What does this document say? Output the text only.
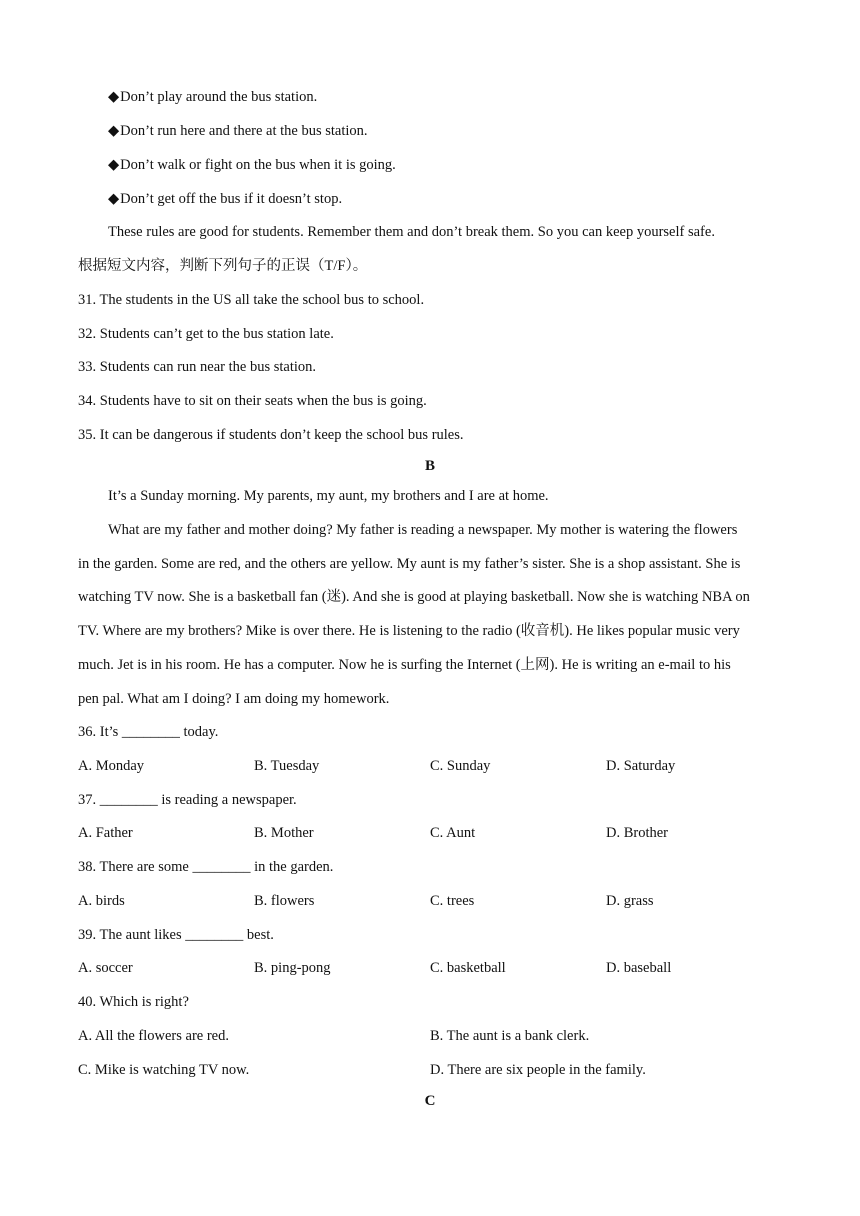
◆Don’t play around the bus station.
◆Don’t run here and there at the bus station.
◆Don’t walk or fight on the bus when it is going.
◆Don’t get off the bus if it doesn’t stop.
These rules are good for students. Remember them and don’t break them. So you can keep yourself safe.
根据短文内容，判断下列句子的正误（T/F）。
31. The students in the US all take the school bus to school.
32. Students can’t get to the bus station late.
33. Students can run near the bus station.
34. Students have to sit on their seats when the bus is going.
35. It can be dangerous if students don’t keep the school bus rules.
B
It’s a Sunday morning. My parents, my aunt, my brothers and I are at home.
What are my father and mother doing? My father is reading a newspaper. My mother is watering the flowers
in the garden. Some are red, and the others are yellow. My aunt is my father’s sister. She is a shop assistant. She is
watching TV now. She is a basketball fan (迷). And she is good at playing basketball. Now she is watching NBA on
TV. Where are my brothers? Mike is over there. He is listening to the radio (收音机). He likes popular music very
much. Jet is in his room. He has a computer. Now he is surfing the Internet (上网). He is writing an e-mail to his
pen pal. What am I doing? I am doing my homework.
36. It’s ________ today.
A. Monday	B. Tuesday	C. Sunday	D. Saturday
37. ________ is reading a newspaper.
A. Father	B. Mother	C. Aunt	D. Brother
38. There are some ________ in the garden.
A. birds	B. flowers	C. trees	D. grass
39. The aunt likes ________ best.
A. soccer	B. ping-pong	C. basketball	D. baseball
40. Which is right?
A. All the flowers are red.	B. The aunt is a bank clerk.
C. Mike is watching TV now.	D. There are six people in the family.
C
